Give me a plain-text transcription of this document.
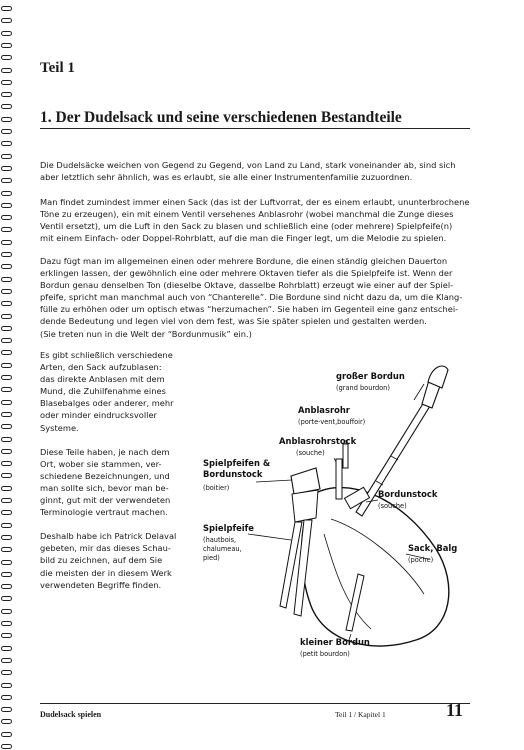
Teil 1
1. Der Dudelsack und seine verschiedenen Bestandteile
Die Dudelsäcke weichen von Gegend zu Gegend, von Land zu Land, stark voneinander ab, sind sich
aber letztlich sehr ähnlich, was es erlaubt, sie alle einer Instrumentenfamilie zuzuordnen.
Man findet zumindest immer einen Sack (das ist der Luftvorrat, der es einem erlaubt, ununterbrochene
Töne zu erzeugen), ein mit einem Ventil versehenes Anblasrohr (wobei manchmal die Zunge dieses
Ventil ersetzt), um die Luft in den Sack zu blasen und schließlich eine (oder mehrere) Spielpfeife(n)
mit einem Einfach- oder Doppel-Rohrblatt, auf die man die Finger legt, um die Melodie zu spielen.
Dazu fügt man im allgemeinen einen oder mehrere Bordune, die einen ständig gleichen Dauerton
erklingen lassen, der gewöhnlich eine oder mehrere Oktaven tiefer als die Spielpfeife ist. Wenn der
Bordun genau denselben Ton (dieselbe Oktave, dasselbe Rohrblatt) erzeugt wie einer auf der Spiel-
pfeife, spricht man manchmal auch von “Chanterelle”. Die Bordune sind nicht dazu da, um die Klang-
fülle zu erhöhen oder um optisch etwas “herzumachen”. Sie haben im Gegenteil eine ganz entschei-
dende Bedeutung und legen viel von dem fest, was Sie später spielen und gestalten werden.
(Sie treten nun in die Welt der “Bordunmusik” ein.)
Es gibt schließlich verschiedene
Arten, den Sack aufzublasen:
das direkte Anblasen mit dem
Mund, die Zuhilfenahme eines
Blasebalges oder anderer, mehr
oder minder eindrucksvoller
Systeme.
Diese Teile haben, je nach dem
Ort, wober sie stammen, ver-
schiedene Bezeichnungen, und
man sollte sich, bevor man be-
ginnt, gut mit der verwendeten
Terminologie vertraut machen.
Deshalb habe ich Patrick Delaval
gebeten, mir das dieses Schau-
bild zu zeichnen, auf dem Sie
die meisten der in diesem Werk
verwendeten Begriffe finden.
großer Bordun
(grand bourdon)
Anblasrohr
(porte-vent,bouffoir)
Anblasrohrstock
(souche)
Spielpfeifen &
Bordunstock
(boitier)
Spielpfeife
(hautbois,
chalumeau,
pied)
Bordunstock
(souche)
Sack, Balg
(poche)
kleiner Bordun
(petit bourdon)
Dudelsack spielen	Teil 1 / Kapitel 1	11
